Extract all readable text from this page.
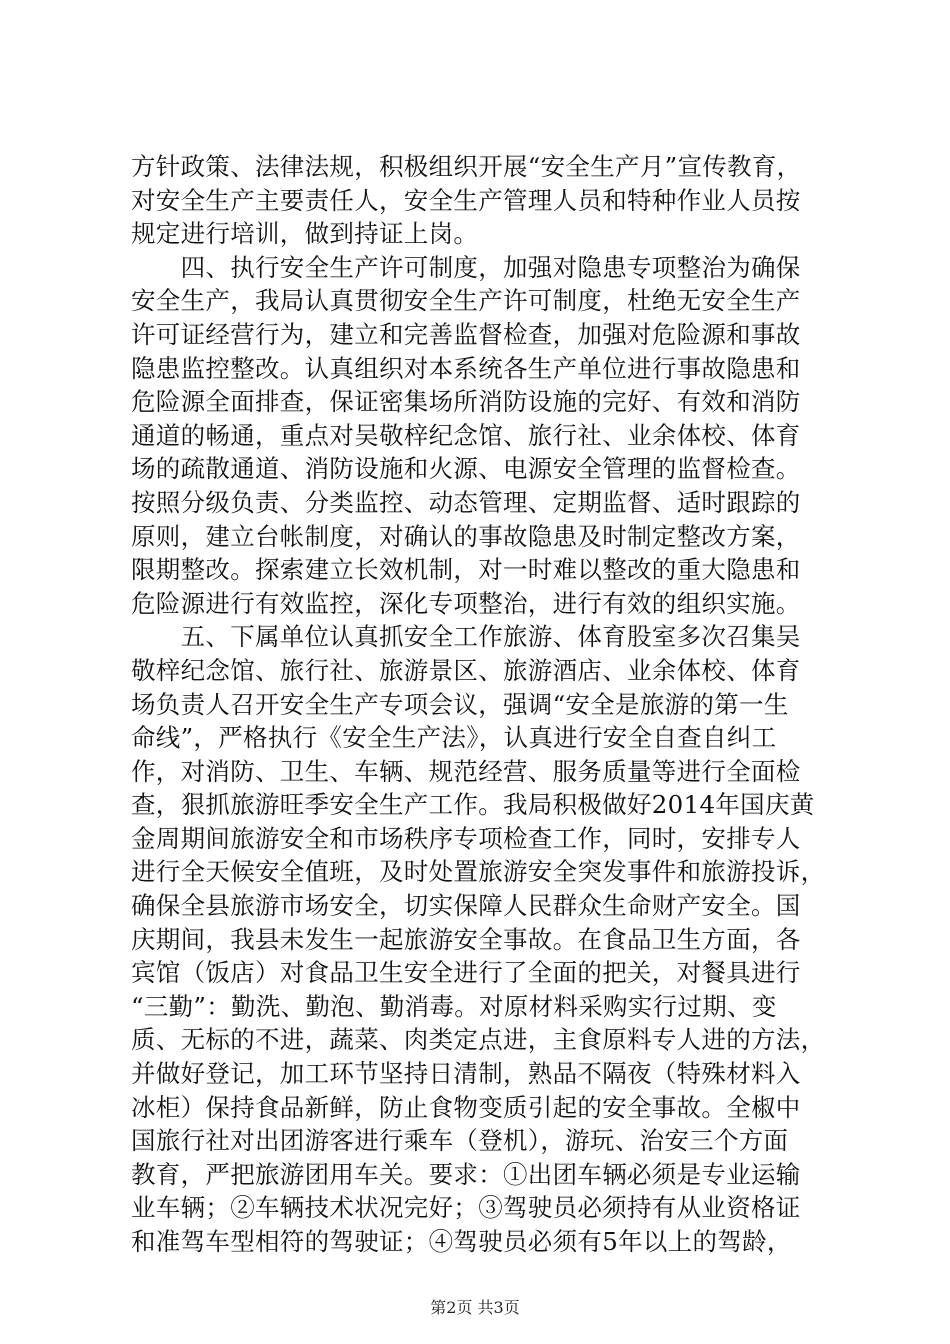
方针政策、法律法规，积极组织开展“安全生产月”宣传教育，
对安全生产主要责任人，安全生产管理人员和特种作业人员按
规定进行培训，做到持证上岗。
　　四、执行安全生产许可制度，加强对隐患专项整治为确保
安全生产，我局认真贯彻安全生产许可制度，杜绝无安全生产
许可证经营行为，建立和完善监督检查，加强对危险源和事故
隐患监控整改。认真组织对本系统各生产单位进行事故隐患和
危险源全面排查，保证密集场所消防设施的完好、有效和消防
通道的畅通，重点对吴敬梓纪念馆、旅行社、业余体校、体育
场的疏散通道、消防设施和火源、电源安全管理的监督检查。
按照分级负责、分类监控、动态管理、定期监督、适时跟踪的
原则，建立台帐制度，对确认的事故隐患及时制定整改方案，
限期整改。探索建立长效机制，对一时难以整改的重大隐患和
危险源进行有效监控，深化专项整治，进行有效的组织实施。
　　五、下属单位认真抓安全工作旅游、体育股室多次召集吴
敬梓纪念馆、旅行社、旅游景区、旅游酒店、业余体校、体育
场负责人召开安全生产专项会议，强调“安全是旅游的第一生
命线”，严格执行《安全生产法》，认真进行安全自查自纠工
作，对消防、卫生、车辆、规范经营、服务质量等进行全面检
查，狠抓旅游旺季安全生产工作。我局积极做好2014年国庆黄
金周期间旅游安全和市场秩序专项检查工作，同时，安排专人
进行全天候安全值班，及时处置旅游安全突发事件和旅游投诉，
确保全县旅游市场安全，切实保障人民群众生命财产安全。国
庆期间，我县未发生一起旅游安全事故。在食品卫生方面，各
宾馆（饭店）对食品卫生安全进行了全面的把关，对餐具进行
“三勤”：勤洗、勤泡、勤消毒。对原材料采购实行过期、变
质、无标的不进，蔬菜、肉类定点进，主食原料专人进的方法，
并做好登记，加工环节坚持日清制，熟品不隔夜（特殊材料入
冰柜）保持食品新鲜，防止食物变质引起的安全事故。全椒中
国旅行社对出团游客进行乘车（登机），游玩、治安三个方面
教育，严把旅游团用车关。要求：①出团车辆必须是专业运输
业车辆；②车辆技术状况完好；③驾驶员必须持有从业资格证
和准驾车型相符的驾驶证；④驾驶员必须有5年以上的驾龄，
第2页 共3页
